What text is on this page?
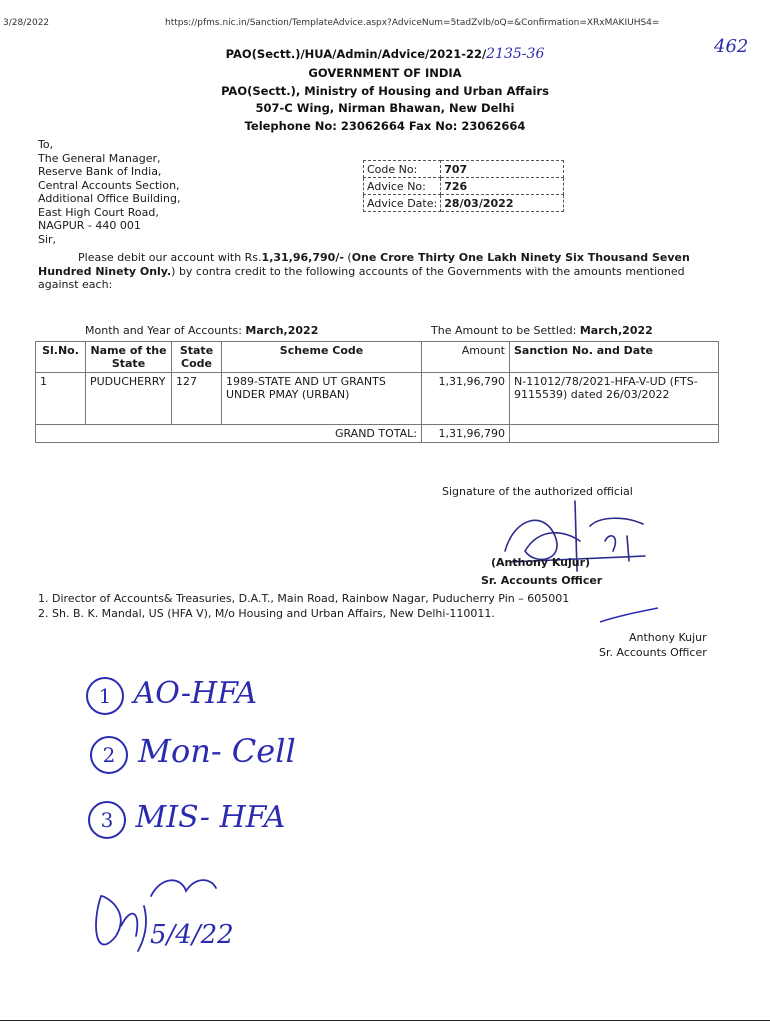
3/28/2022	https://pfms.nic.in/Sanction/TemplateAdvice.aspx?AdviceNum=5tadZvIb/oQ=&Confirmation=XRxMAKIUHS4=
462
PAO(Sectt.)/HUA/Admin/Advice/2021-22/2135-36
GOVERNMENT OF INDIA
PAO(Sectt.), Ministry of Housing and Urban Affairs
507-C Wing, Nirman Bhawan, New Delhi
Telephone No: 23062664 Fax No: 23062664
To,
The General Manager,
Reserve Bank of India,
Central Accounts Section,
Additional Office Building,
East High Court Road,
NAGPUR - 440 001
Sir,
Code No:	707
Advice No:	726
Advice Date:	28/03/2022
Please debit our account with Rs.1,31,96,790/- (One Crore Thirty One Lakh Ninety Six Thousand Seven Hundred Ninety Only.) by contra credit to the following accounts of the Governments with the amounts mentioned against each:
Month and Year of Accounts: March,2022	The Amount to be Settled: March,2022
Sl.No.	Name of the State	State Code	Scheme Code	Amount	Sanction No. and Date
1	PUDUCHERRY	127	1989-STATE AND UT GRANTS UNDER PMAY (URBAN)	1,31,96,790	N-11012/78/2021-HFA-V-UD (FTS-9115539) dated 26/03/2022
GRAND TOTAL:				1,31,96,790	
Signature of the authorized official
(Anthony Kujur)
Sr. Accounts Officer
1. Director of Accounts& Treasuries, D.A.T., Main Road, Rainbow Nagar, Puducherry Pin – 605001
2. Sh. B. K. Mandal, US (HFA V), M/o Housing and Urban Affairs, New Delhi-110011.
Anthony Kujur
Sr. Accounts Officer
1 AO-HFA
2 Mon- Cell
3 MIS- HFA
5/4/22
